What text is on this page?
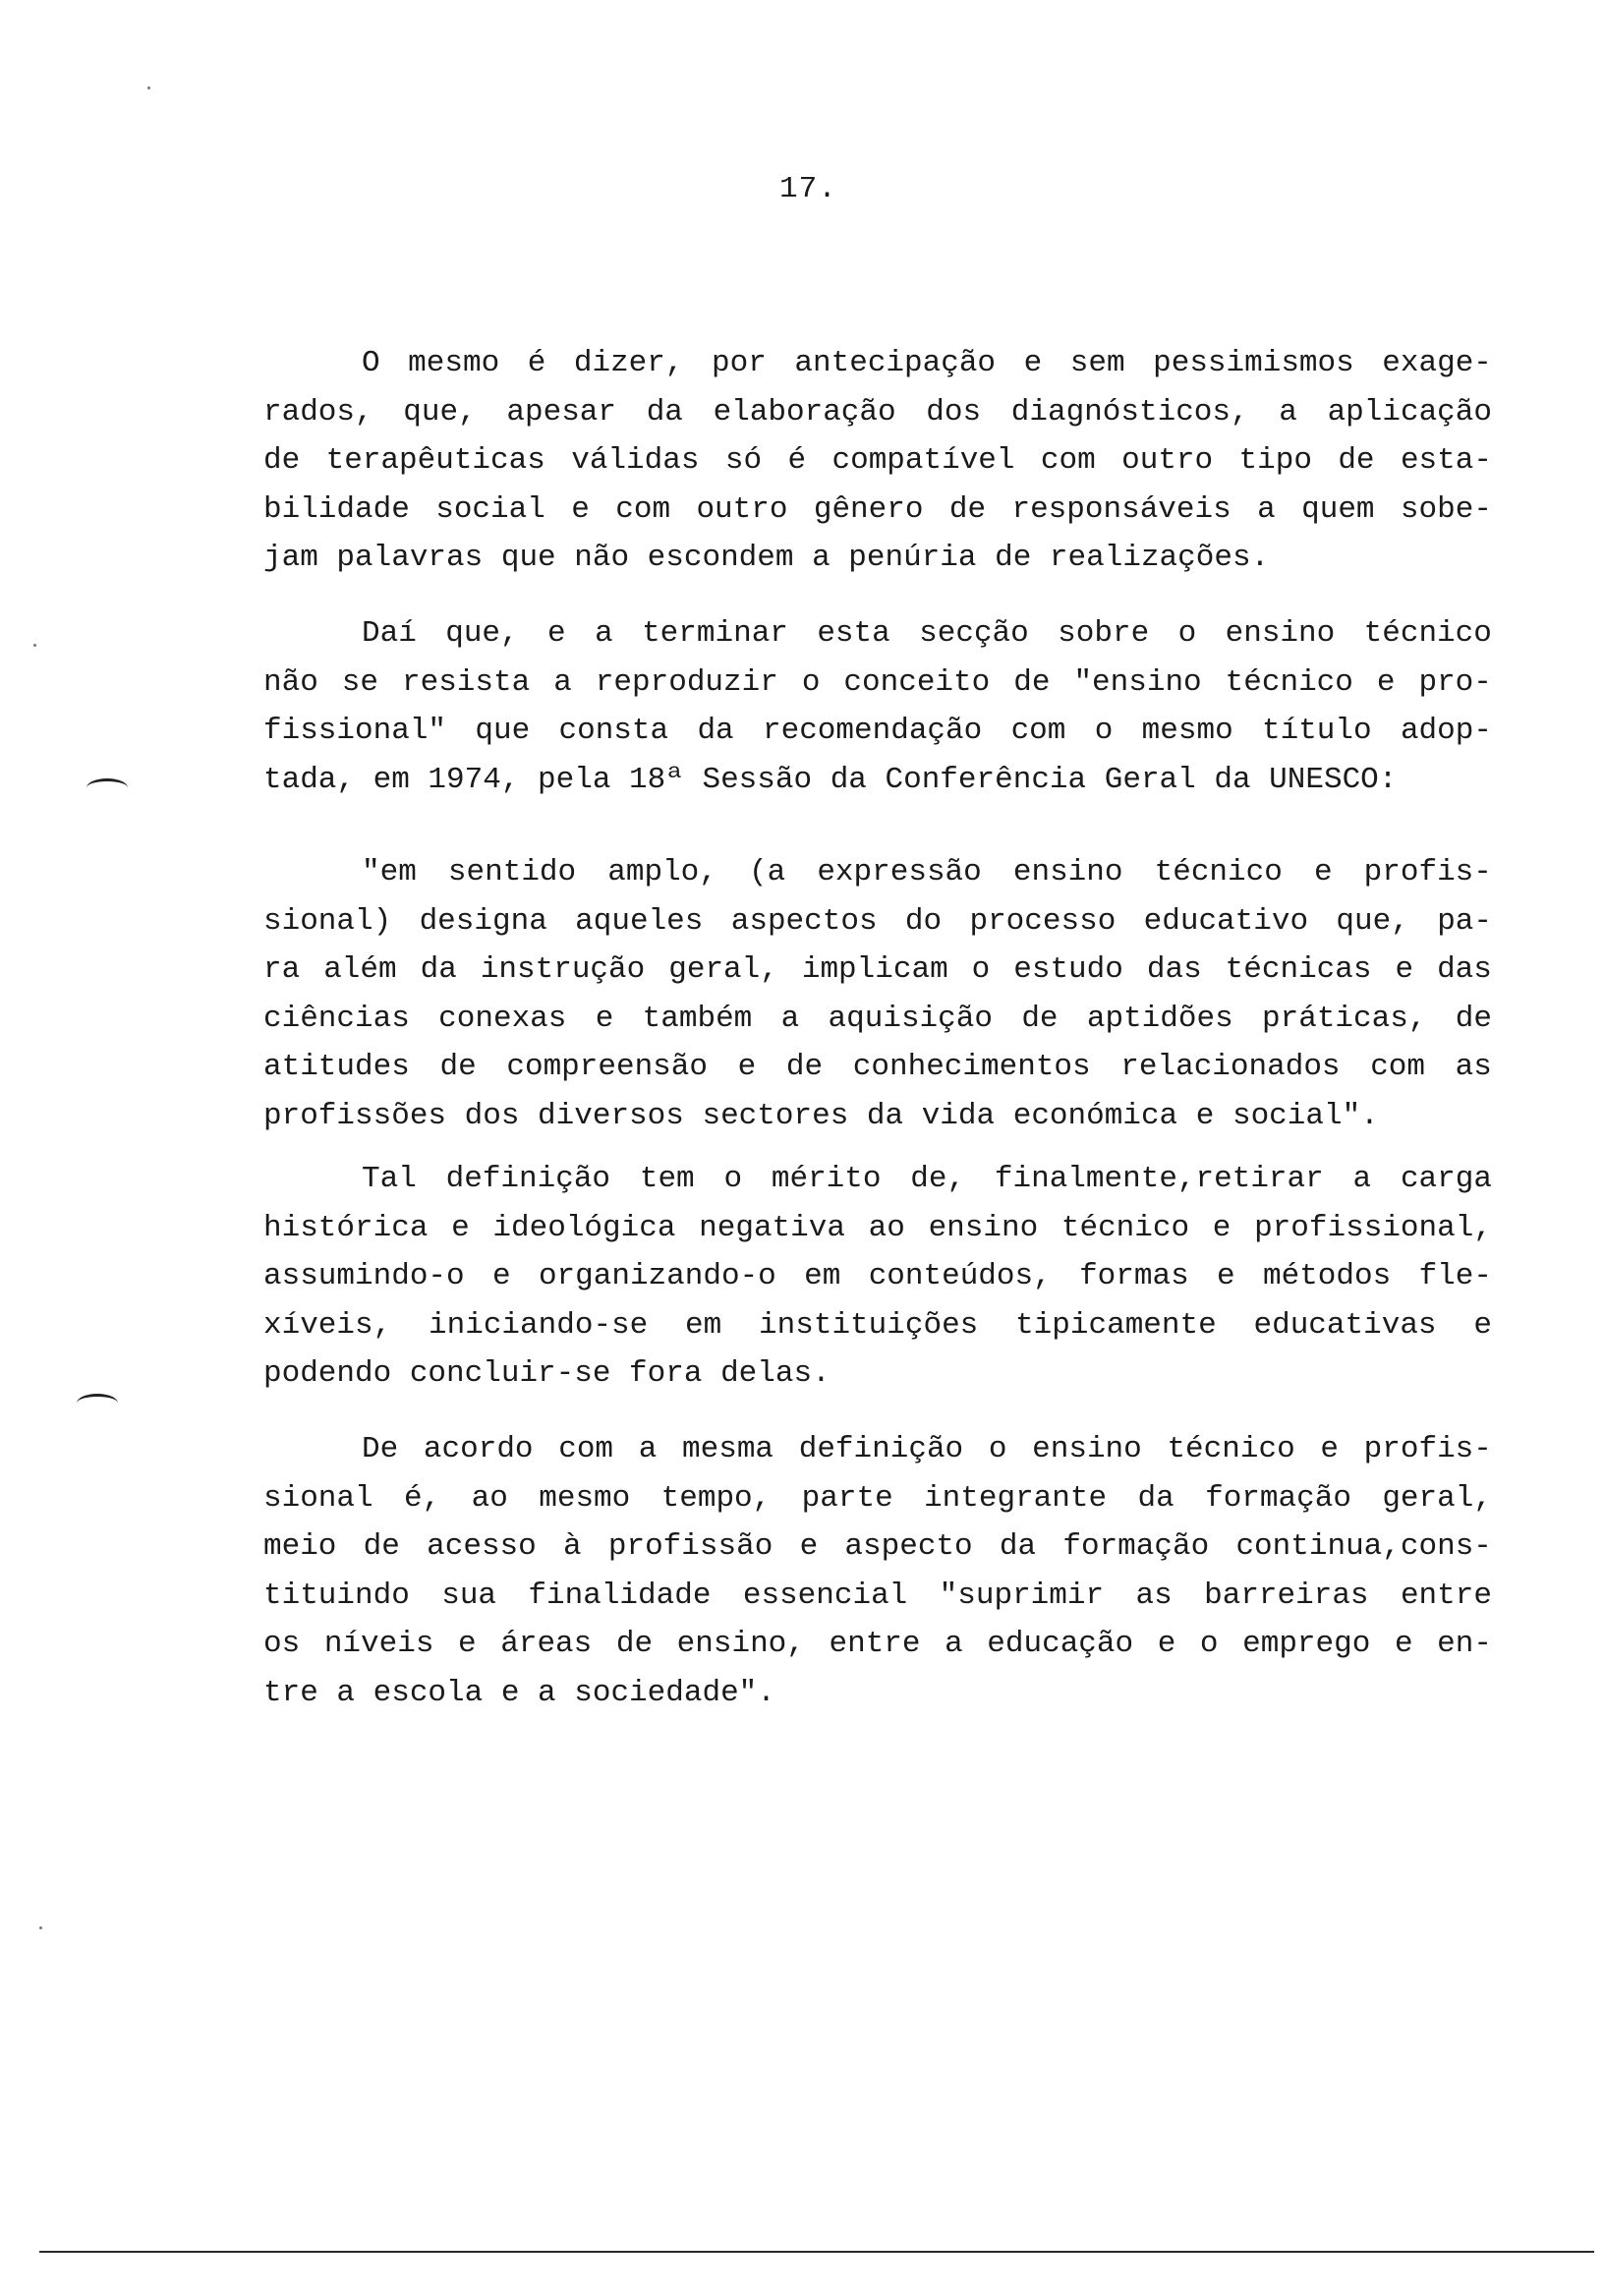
17.
O mesmo é dizer, por antecipação e sem pessimismos exage-
rados, que, apesar da elaboração dos diagnósticos, a aplicação
de terapêuticas válidas só é compatível com outro tipo de esta-
bilidade social e com outro gênero de responsáveis a quem sobe-
jam palavras que não escondem a penúria de realizações.
Daí que, e a terminar esta secção sobre o ensino técnico
não se resista a reproduzir o conceito de "ensino técnico e pro-
fissional" que consta da recomendação com o mesmo título adop-
tada, em 1974, pela 18ª Sessão da Conferência Geral da UNESCO:
"em sentido amplo, (a expressão ensino técnico e profis-
sional) designa aqueles aspectos do processo educativo que, pa-
ra além da instrução geral, implicam o estudo das técnicas e das
ciências conexas e também a aquisição de aptidões práticas, de
atitudes de compreensão e de conhecimentos relacionados com as
profissões dos diversos sectores da vida económica e social".
Tal definição tem o mérito de, finalmente,retirar a carga
histórica e ideológica negativa ao ensino técnico e profissional,
assumindo-o e organizando-o em conteúdos, formas e métodos fle-
xíveis, iniciando-se em instituições tipicamente educativas e
podendo concluir-se fora delas.
De acordo com a mesma definição o ensino técnico e profis-
sional é, ao mesmo tempo, parte integrante da formação geral,
meio de acesso à profissão e aspecto da formação continua,cons-
tituindo sua finalidade essencial "suprimir as barreiras entre
os níveis e áreas de ensino, entre a educação e o emprego e en-
tre a escola e a sociedade".
